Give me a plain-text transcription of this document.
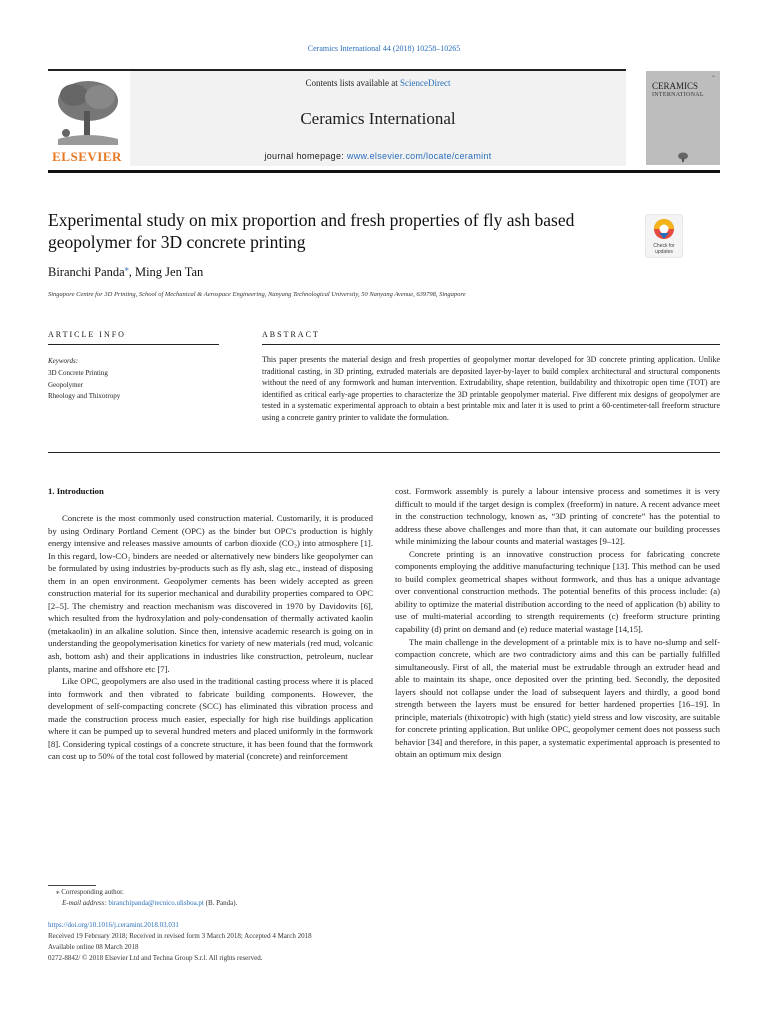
Ceramics International 44 (2018) 10258–10265
Contents lists available at ScienceDirect
Ceramics International
journal homepage: www.elsevier.com/locate/ceramint
ELSEVIER
▪▪▪
CERAMICS
INTERNATIONAL
Experimental study on mix proportion and fresh properties of fly ash based geopolymer for 3D concrete printing	Check for
updates
Biranchi Panda⁎, Ming Jen Tan
Singapore Centre for 3D Printing, School of Mechanical & Aerospace Engineering, Nanyang Technological University, 50 Nanyang Avenue, 639798, Singapore
ARTICLE INFO
Keywords:
3D Concrete Printing
Geopolymer
Rheology and Thixotropy
ABSTRACT
This paper presents the material design and fresh properties of geopolymer mortar developed for 3D concrete printing application. Unlike traditional casting, in 3D printing, extruded materials are deposited layer-by-layer to build complex architectural and structural components without the need of any formwork and human intervention. Extrudability, shape retention, buildability and thixotropic open time (TOT) are identified as critical early-age properties to characterize the 3D printable geopolymer material. Five different mix designs of geopolymer are tested in a systematic experimental approach to obtain a best printable mix and later it is used to print a 60-centimeter-tall freeform structure using a concrete gantry printer to validate the formulation.
1. Introduction

Concrete is the most commonly used construction material. Customarily, it is produced by using Ordinary Portland Cement (OPC) as the binder but OPC's production is highly energy intensive and releases massive amounts of carbon dioxide (CO₂) into atmosphere [1]. In this regard, low-CO₂ binders are needed or alternatively new binders like geopolymer can be formulated by using industries by-products such as fly ash, slag etc., instead of disposing them in an open environment. Geopolymer cements has been widely accepted as green construction material for its superior mechanical and durability properties compared to OPC [2–5]. The chemistry and reaction mechanism was discovered in 1970 by Davidovits [6], which resulted from the hydroxylation and poly-condensation of thermally activated kaolin (metakaolin) in an alkaline solution. Since then, intensive academic research is going on in understanding the geopolymerisation kinetics for variety of new materials (red mud, volcanic ash, bottom ash) and their applications in industries like construction, petroleum, nuclear plants, marine and offshore etc [7].

Like OPC, geopolymers are also used in the traditional casting process where it is placed into formwork and then vibrated to fabricate building components. However, the development of self-compacting concrete (SCC) has eliminated this vibration process and made the construction process much easier, especially for high rise buildings application where it can be pumped up to several hundred meters and placed uniformly in the formwork [8]. Considering typical costings of a concrete structure, it has been found that the formwork can cost up to 50% of the total cost followed by material (concrete) and reinforcement

cost. Formwork assembly is purely a labour intensive process and sometimes it is very difficult to mould if the target design is complex (freeform) in nature. A recent advance meet in the construction technology, known as, “3D printing of concrete” has the potential to address these above challenges and more than that, it can automate our building processes while minimizing the labour counts and material wastages [9–12].

Concrete printing is an innovative construction process for fabricating concrete components employing the additive manufacturing technique [13]. This method can be used to build complex geometrical shapes without formwork, and thus has a unique advantage over conventional construction methods. The potential benefits of this process include: (a) ability to optimize the material distribution according to the need of application (b) ability to use of multi-material according to strength requirements (c) freeform structure printing capability (d) print on demand and (e) reduce material wastage [14,15].

The main challenge in the development of a printable mix is to have no-slump and self-compaction concrete, which are two contradictory aims and this can be partially fulfilled simultaneously. First of all, the material must be extrudable through an extruder head and able to maintain its shape, once deposited over the printing bed. Secondly, the deposited layers should not collapse under the load of subsequent layers and thirdly, a good bond strength between the layers must be ensured for better hardened properties [16–19]. In principle, materials (thixotropic) with high (static) yield stress and low viscosity, are suitable for concrete printing application. But unlike OPC, geopolymer cement does not possess such behavior [34] and therefore, in this paper, a systematic experimental approach is presented to obtain an optimum mix design

⁎ Corresponding author.
E-mail address: biranchipanda@tecnico.ulisboa.pt (B. Panda).
https://doi.org/10.1016/j.ceramint.2018.03.031
Received 19 February 2018; Received in revised form 3 March 2018; Accepted 4 March 2018
Available online 08 March 2018
0272-8842/ © 2018 Elsevier Ltd and Techna Group S.r.l. All rights reserved.
